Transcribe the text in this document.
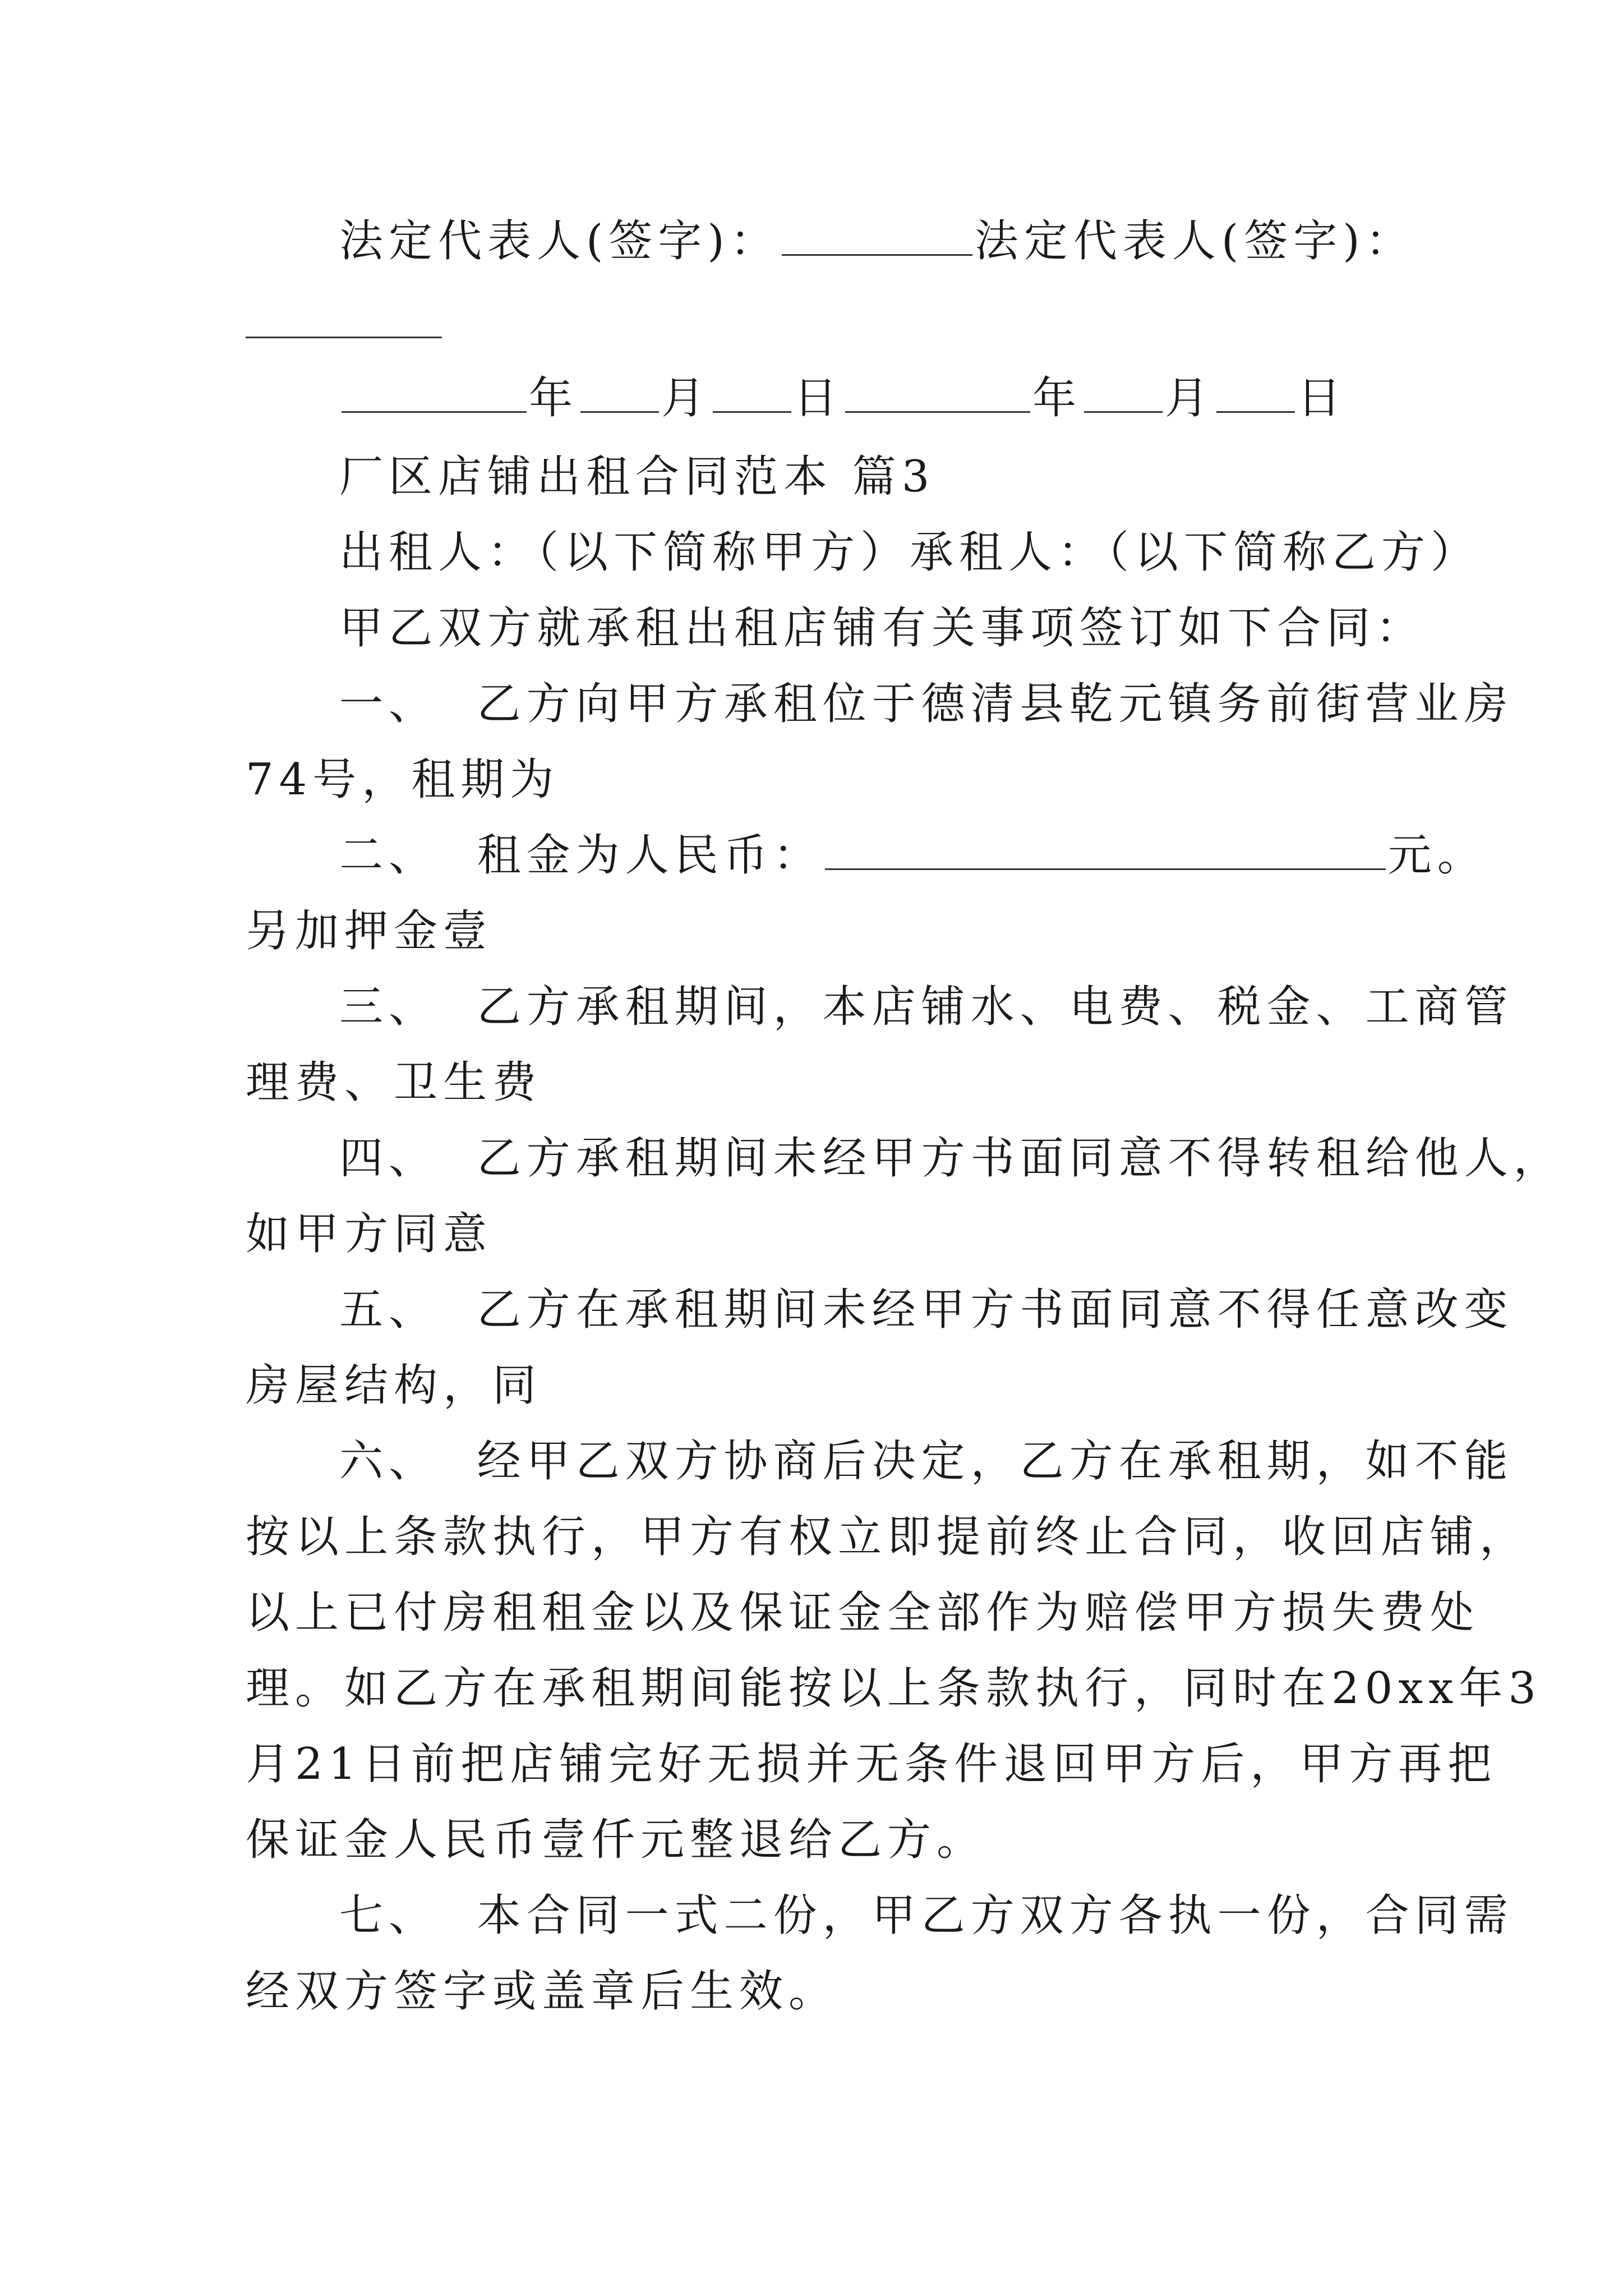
法定代表人(签字)：	法定代表人(签字)：
年 月 日	年 月 日
厂区店铺出租合同范本 篇3
出租人：（以下简称甲方）承租人：（以下简称乙方）
甲乙双方就承租出租店铺有关事项签订如下合同：
一、 乙方向甲方承租位于德清县乾元镇务前街营业房
74号，租期为
二、 租金为人民币：	元。
另加押金壹
三、 乙方承租期间，本店铺水、电费、税金、工商管
理费、卫生费
四、 乙方承租期间未经甲方书面同意不得转租给他人，
如甲方同意
五、 乙方在承租期间未经甲方书面同意不得任意改变
房屋结构，同
六、 经甲乙双方协商后决定，乙方在承租期，如不能
按以上条款执行，甲方有权立即提前终止合同，收回店铺，
以上已付房租租金以及保证金全部作为赔偿甲方损失费处
理。如乙方在承租期间能按以上条款执行，同时在20xx年3
月21日前把店铺完好无损并无条件退回甲方后，甲方再把
保证金人民币壹仟元整退给乙方。
七、 本合同一式二份，甲乙方双方各执一份，合同需
经双方签字或盖章后生效。
